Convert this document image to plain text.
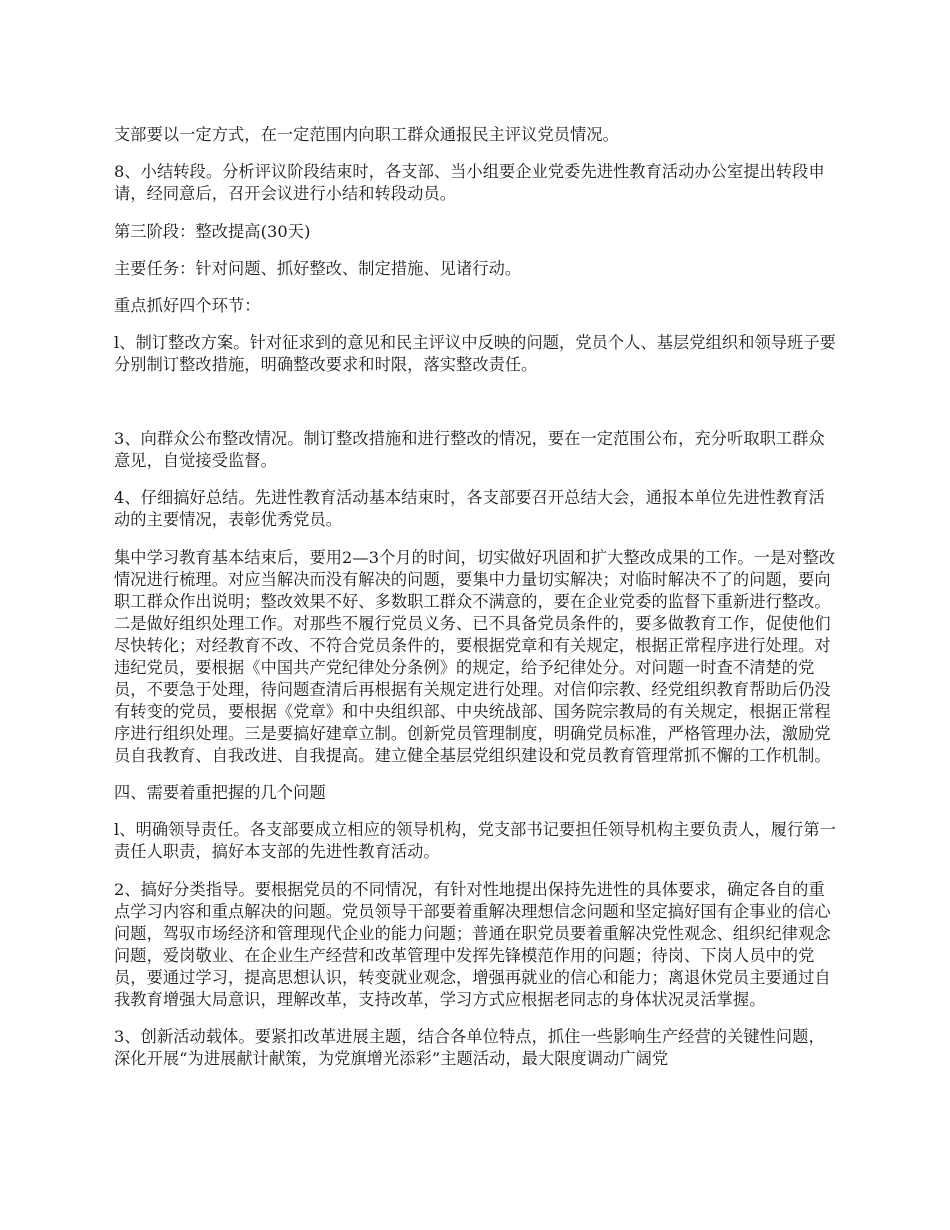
支部要以一定方式，在一定范围内向职工群众通报民主评议党员情况。

8、小结转段。分析评议阶段结束时，各支部、当小组要企业党委先进性教育活动办公室提出转段申请，经同意后，召开会议进行小结和转段动员。

第三阶段：整改提高(30天)

主要任务：针对问题、抓好整改、制定措施、见诸行动。

重点抓好四个环节：

l、制订整改方案。针对征求到的意见和民主评议中反映的问题，党员个人、基层党组织和领导班子要分别制订整改措施，明确整改要求和时限，落实整改责任。

3、向群众公布整改情况。制订整改措施和进行整改的情况，要在一定范围公布，充分听取职工群众意见，自觉接受监督。

4、仔细搞好总结。先进性教育活动基本结束时，各支部要召开总结大会，通报本单位先进性教育活动的主要情况，表彰优秀党员。

集中学习教育基本结束后，要用2—3个月的时间，切实做好巩固和扩大整改成果的工作。一是对整改情况进行梳理。对应当解决而没有解决的问题，要集中力量切实解决；对临时解决不了的问题，要向职工群众作出说明；整改效果不好、多数职工群众不满意的，要在企业党委的监督下重新进行整改。二是做好组织处理工作。对那些不履行党员义务、已不具备党员条件的，要多做教育工作，促使他们尽快转化；对经教育不改、不符合党员条件的，要根据党章和有关规定，根据正常程序进行处理。对违纪党员，要根据《中国共产党纪律处分条例》的规定，给予纪律处分。对问题一时查不清楚的党员，不要急于处理，待问题查清后再根据有关规定进行处理。对信仰宗教、经党组织教育帮助后仍没有转变的党员，要根据《党章》和中央组织部、中央统战部、国务院宗教局的有关规定，根据正常程序进行组织处理。三是要搞好建章立制。创新党员管理制度，明确党员标准，严格管理办法，激励党员自我教育、自我改进、自我提高。建立健全基层党组织建设和党员教育管理常抓不懈的工作机制。

四、需要着重把握的几个问题

l、明确领导责任。各支部要成立相应的领导机构，党支部书记要担任领导机构主要负责人，履行第一责任人职责，搞好本支部的先进性教育活动。

2、搞好分类指导。要根据党员的不同情况，有针对性地提出保持先进性的具体要求，确定各自的重点学习内容和重点解决的问题。党员领导干部要着重解决理想信念问题和坚定搞好国有企事业的信心问题，驾驭市场经济和管理现代企业的能力问题；普通在职党员要着重解决党性观念、组织纪律观念问题，爱岗敬业、在企业生产经营和改革管理中发挥先锋模范作用的问题；待岗、下岗人员中的党员，要通过学习，提高思想认识，转变就业观念，增强再就业的信心和能力；离退休党员主要通过自我教育增强大局意识，理解改革，支持改革，学习方式应根据老同志的身体状况灵活掌握。

3、创新活动载体。要紧扣改革进展主题，结合各单位特点，抓住一些影响生产经营的关键性问题，深化开展“为进展献计献策，为党旗增光添彩”主题活动，最大限度调动广阔党
